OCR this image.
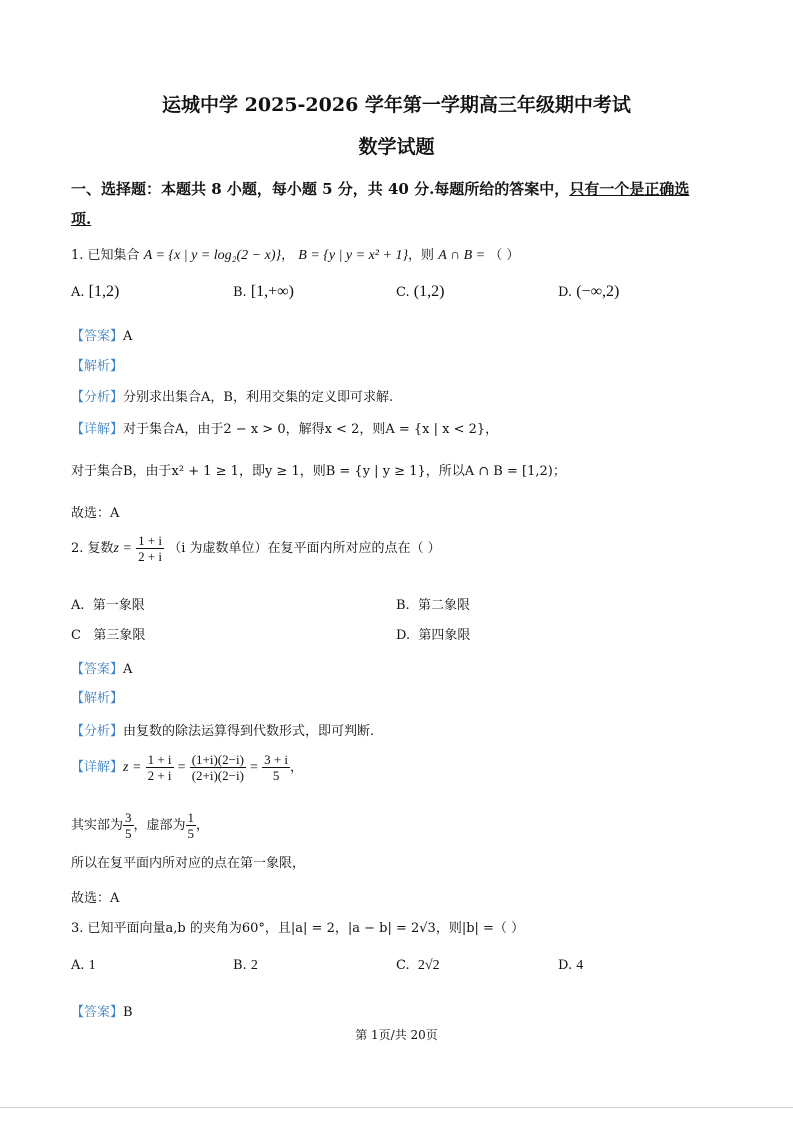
运城中学 2025-2026 学年第一学期高三年级期中考试
数学试题
一、选择题：本题共 8 小题，每小题 5 分，共 40 分.每题所给的答案中，只有一个是正确选
项.
1. 已知集合 A = {x | y = log₂(2 − x)}， B = {y | y = x² + 1}，则 A ∩ B = （ ）
A. [1,2)	B. [1,+∞)	C. (1,2)	D. (−∞,2)
【答案】A
【解析】
【分析】分别求出集合A，B，利用交集的定义即可求解.
【详解】对于集合A，由于2 − x > 0，解得x < 2，则A = {x | x < 2}，
对于集合B，由于x² + 1 ≥ 1，即y ≥ 1，则B = {y | y ≥ 1}，所以A ∩ B = [1,2)；
故选：A
2. 复数$z = \frac{1 + i}{2 + i} (i$ 为虚数单位）在复平面内所对应的点在（ ）
A. 第一象限	B. 第二象限
C 第三象限	D. 第四象限
【答案】A
【解析】
【分析】由复数的除法运算得到代数形式，即可判断.
【详解】$z = \frac{1 + i}{2 + i} = \frac{(1+i)(2-i)}{(2+i)(2-i)} = \frac{3 + i}{5}$ ，
其实部为 $\frac{3}{5}$ ，虚部为 $\frac{1}{5}$ ，
所以在复平面内所对应的点在第一象限，
故选：A
3. 已知平面向量a,b 的夹角为60°，且|a| = 2，|a − b| = 2√3，则|b| =（ ）
A. 1	B. 2	C. 2√2	D. 4
【答案】B
第 1页/共 20页
